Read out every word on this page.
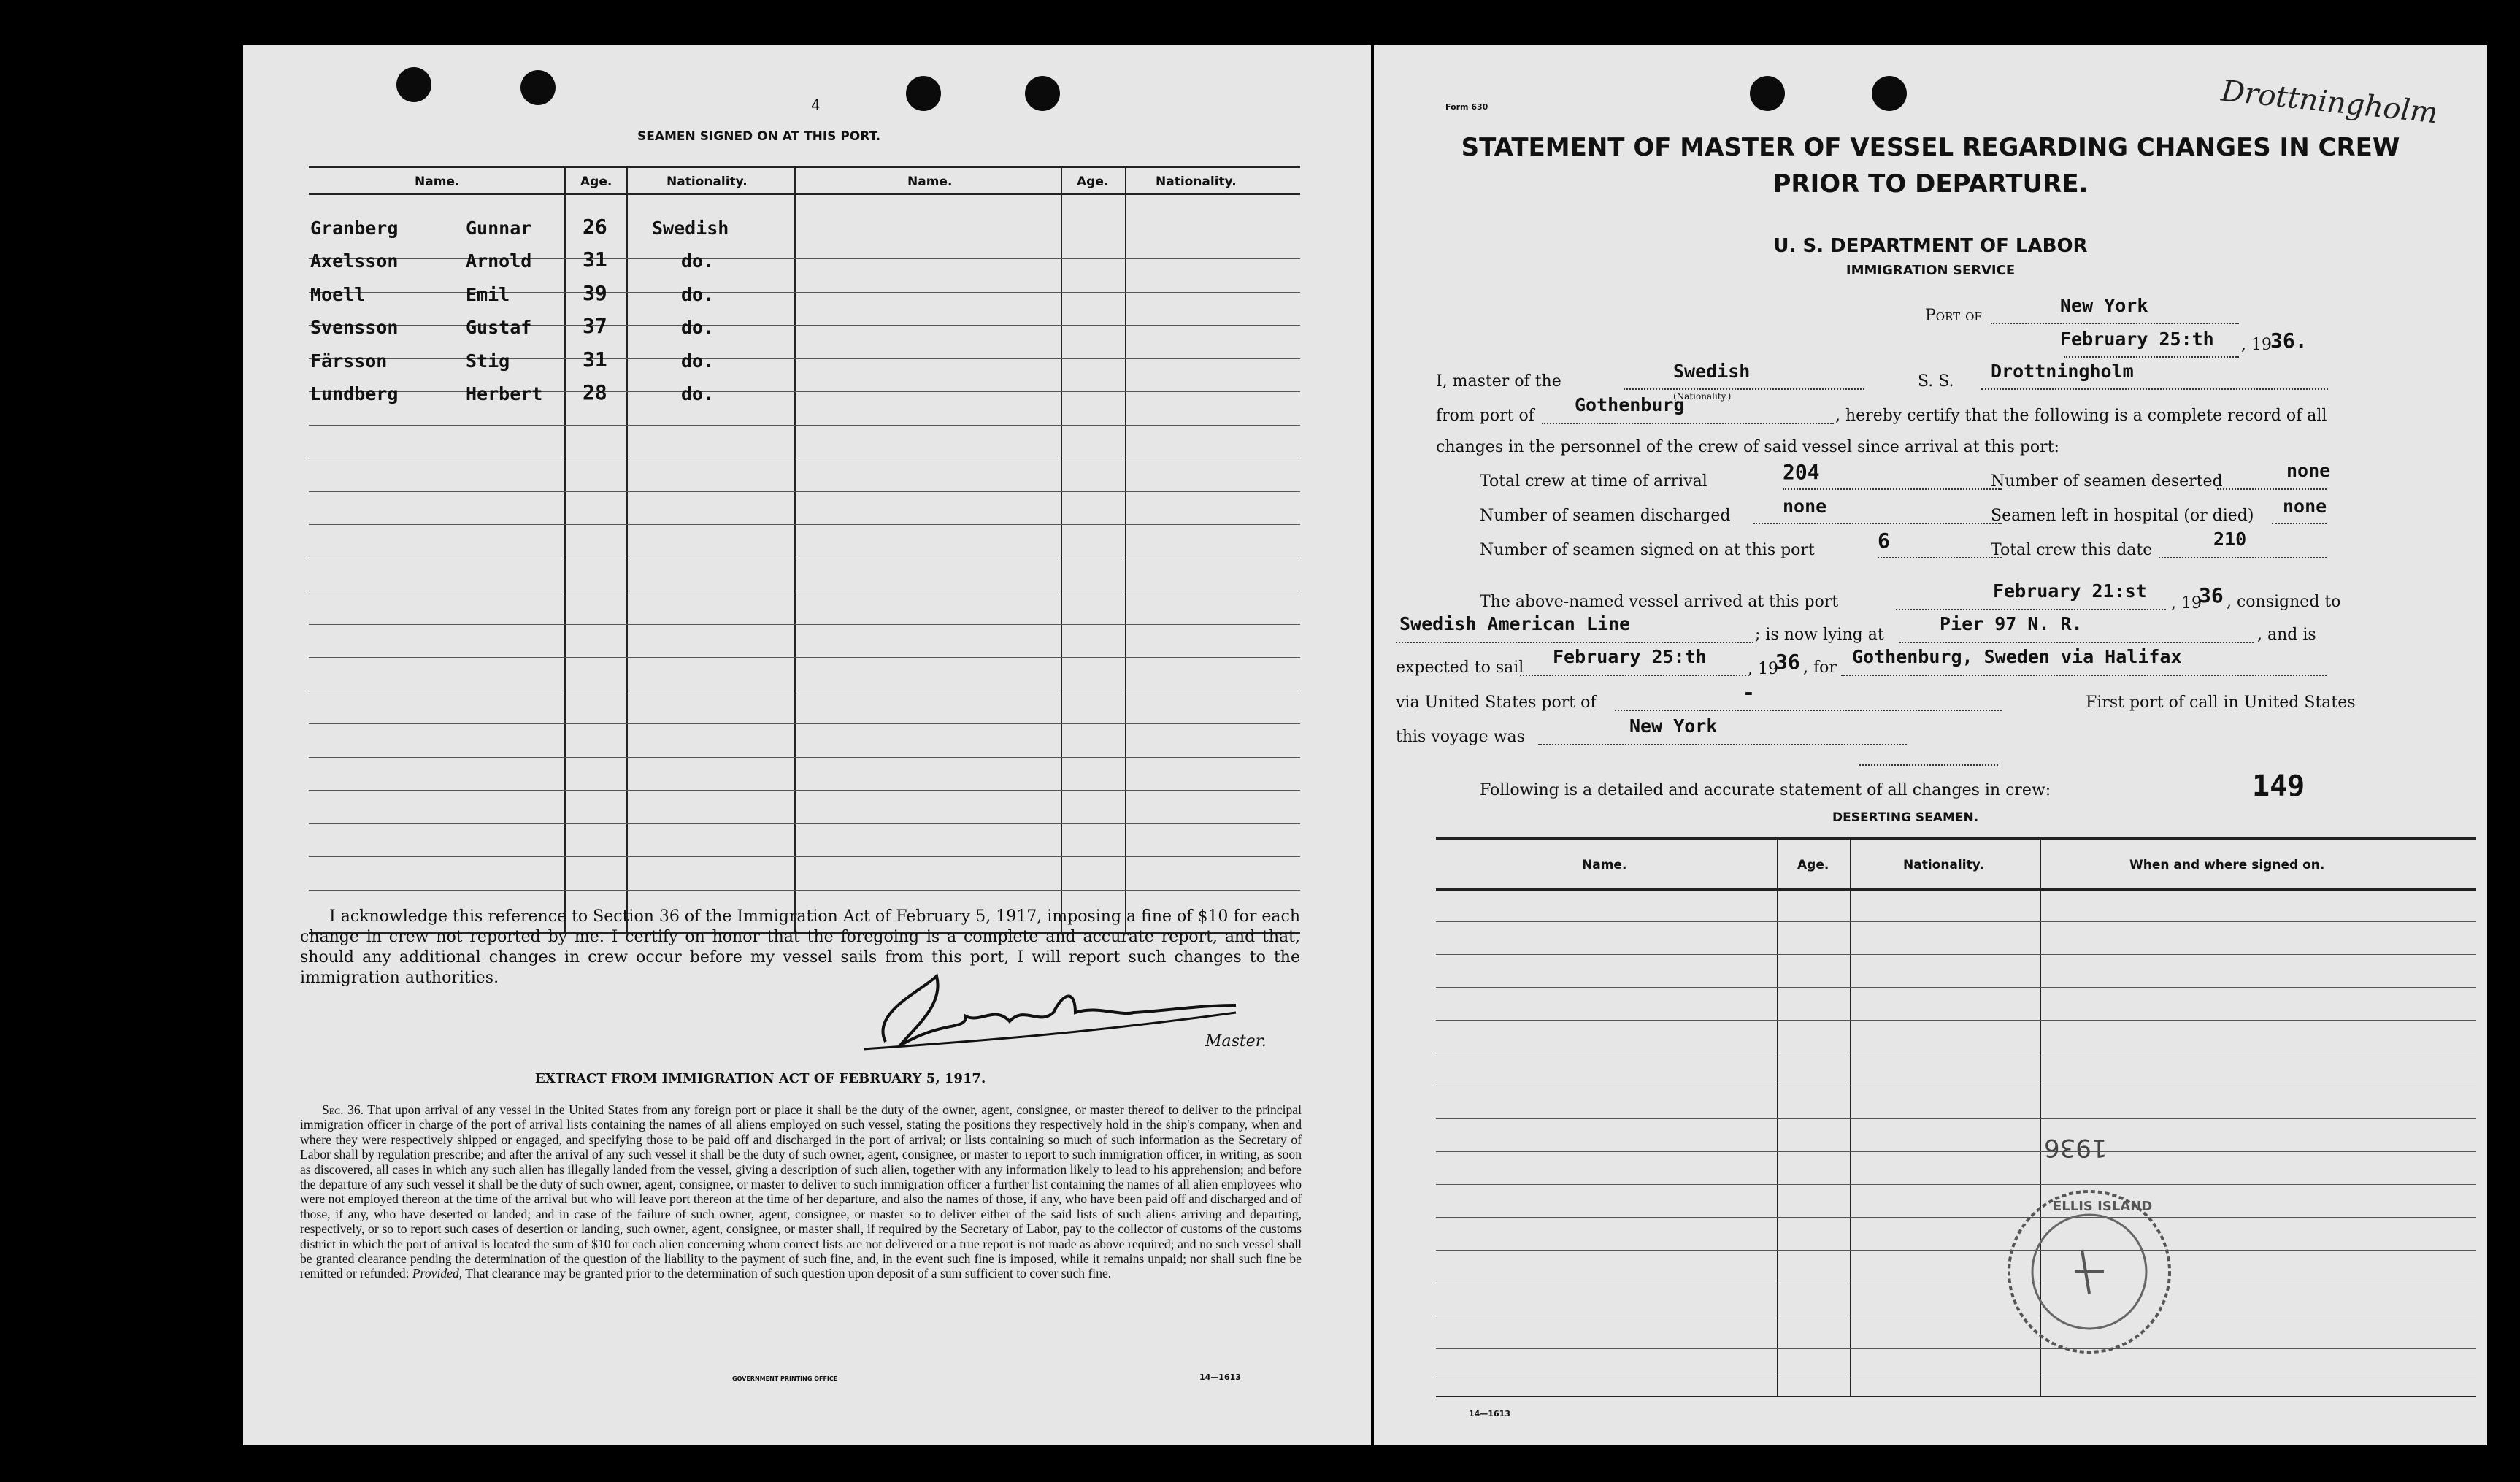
4
SEAMEN SIGNED ON AT THIS PORT.
Name.	Age.	Nationality.	Name.	Age.	Nationality.
Granberg	Gunnar 26 Swedish
Axelsson	Arnold 31	do.
Moell	Emil	39	do.
Svensson	Gustaf 37	do.
Färsson	Stig	31	do.
Lundberg	Herbert 28	do.
I acknowledge this reference to Section 36 of the Immigration Act of February 5, 1917, imposing a fine of $10 for each change in crew not reported by me. I certify on honor that the foregoing is a complete and accurate report, and that, should any additional changes in crew occur before my vessel sails from this port, I will report such changes to the immigration authorities.
Master.
EXTRACT FROM IMMIGRATION ACT OF FEBRUARY 5, 1917.
Sec. 36. That upon arrival of any vessel in the United States from any foreign port or place it shall be the duty of the owner, agent, consignee, or master thereof to deliver to the principal immigration officer in charge of the port of arrival lists containing the names of all aliens employed on such vessel, stating the positions they respectively hold in the ship's company, when and where they were respectively shipped or engaged, and specifying those to be paid off and discharged in the port of arrival; or lists containing so much of such information as the Secretary of Labor shall by regulation prescribe; and after the arrival of any such vessel it shall be the duty of such owner, agent, consignee, or master to report to such immigration officer, in writing, as soon as discovered, all cases in which any such alien has illegally landed from the vessel, giving a description of such alien, together with any information likely to lead to his apprehension; and before the departure of any such vessel it shall be the duty of such owner, agent, consignee, or master to deliver to such immigration officer a further list containing the names of all alien employees who were not employed thereon at the time of the arrival but who will leave port thereon at the time of her departure, and also the names of those, if any, who have been paid off and discharged and of those, if any, who have deserted or landed; and in case of the failure of such owner, agent, consignee, or master so to deliver either of the said lists of such aliens arriving and departing, respectively, or so to report such cases of desertion or landing, such owner, agent, consignee, or master shall, if required by the Secretary of Labor, pay to the collector of customs of the customs district in which the port of arrival is located the sum of $10 for each alien concerning whom correct lists are not delivered or a true report is not made as above required; and no such vessel shall be granted clearance pending the determination of the question of the liability to the payment of such fine, and, in the event such fine is imposed, while it remains unpaid; nor shall such fine be remitted or refunded: Provided, That clearance may be granted prior to the determination of such question upon deposit of a sum sufficient to cover such fine.
GOVERNMENT PRINTING OFFICE	14—1613
Form 630	Drottningholm
STATEMENT OF MASTER OF VESSEL REGARDING CHANGES IN CREW
PRIOR TO DEPARTURE.
U. S. DEPARTMENT OF LABOR
IMMIGRATION SERVICE
Port of	New York
February 25:th , 19
36.
I, master of the	Swedish
(Nationality.)
S. S. Drottningholm
from port of
Gothenburg
, hereby certify that the following is a complete record of all
changes in the personnel of the crew of said vessel since arrival at this port:
Total crew at time of arrival	204	Number of seamen deserted
none
Number of seamen discharged	none	Seamen left in hospital (or died) none
Number of seamen signed on at this port	6	Total crew this date
210
The above-named vessel arrived at this port
February 21:st
, 19
36 , consigned to
Swedish American Line
; is now lying at
Pier 97 N. R.
, and is
expected to sail
February 25:th
, 19
36 , for
Gothenburg, Sweden via Halifax
via United States port of	-	First port of call in United States
this voyage was
New York
Following is a detailed and accurate statement of all changes in crew:	149
DESERTING SEAMEN.
Name.	Age.	Nationality.	When and where signed on.
1936
ELLIS ISLAND
14—1613
